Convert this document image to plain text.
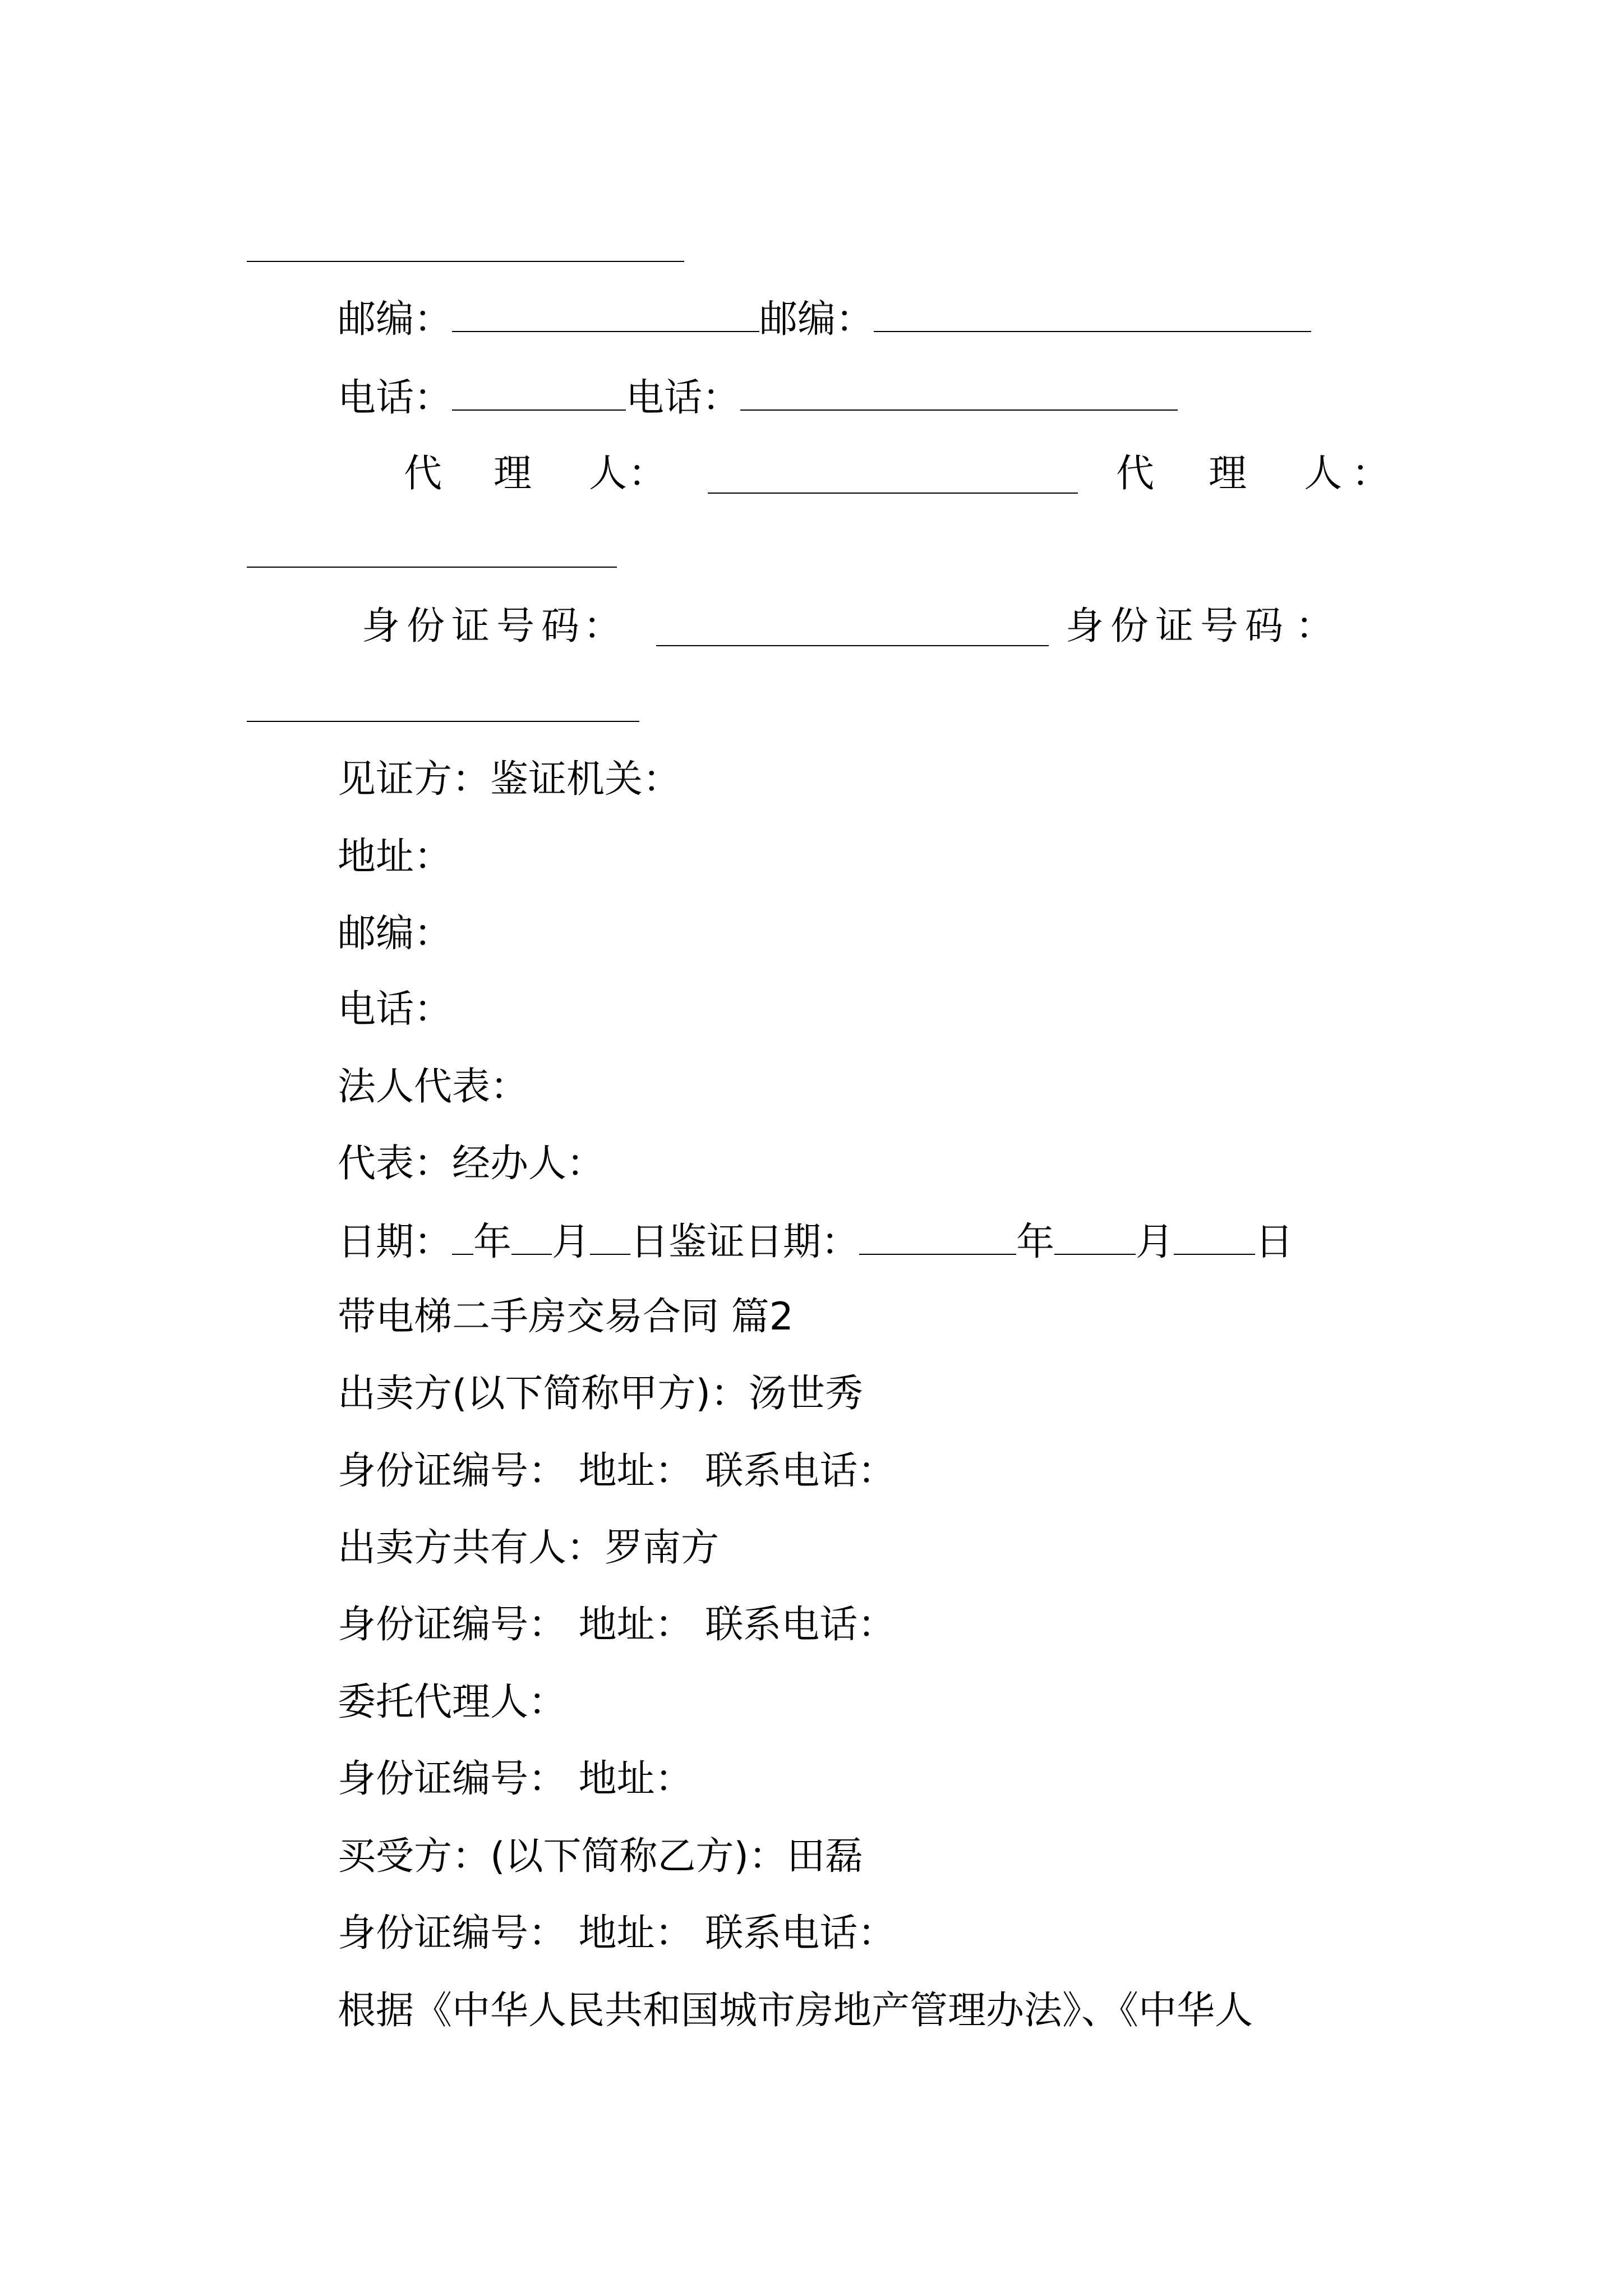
邮编：	邮编：
电话：	电话：
代 理 人：	代 理 人 ：
身 份 证 号 码 ：	身 份 证 号 码 ：
见证方：鉴证机关：
地址：
邮编：
电话：
法人代表：
代表：经办人：
日期： 年 月 日鉴证日期：	年 月 日
带电梯二手房交易合同 篇2
出卖方(以下简称甲方)：汤世秀
身份证编号： 地址： 联系电话：
出卖方共有人：罗南方
身份证编号： 地址： 联系电话：
委托代理人：
身份证编号： 地址：
买受方：(以下简称乙方)：田磊
身份证编号： 地址： 联系电话：
根据《中华人民共和国城市房地产管理办法》、《中华人
